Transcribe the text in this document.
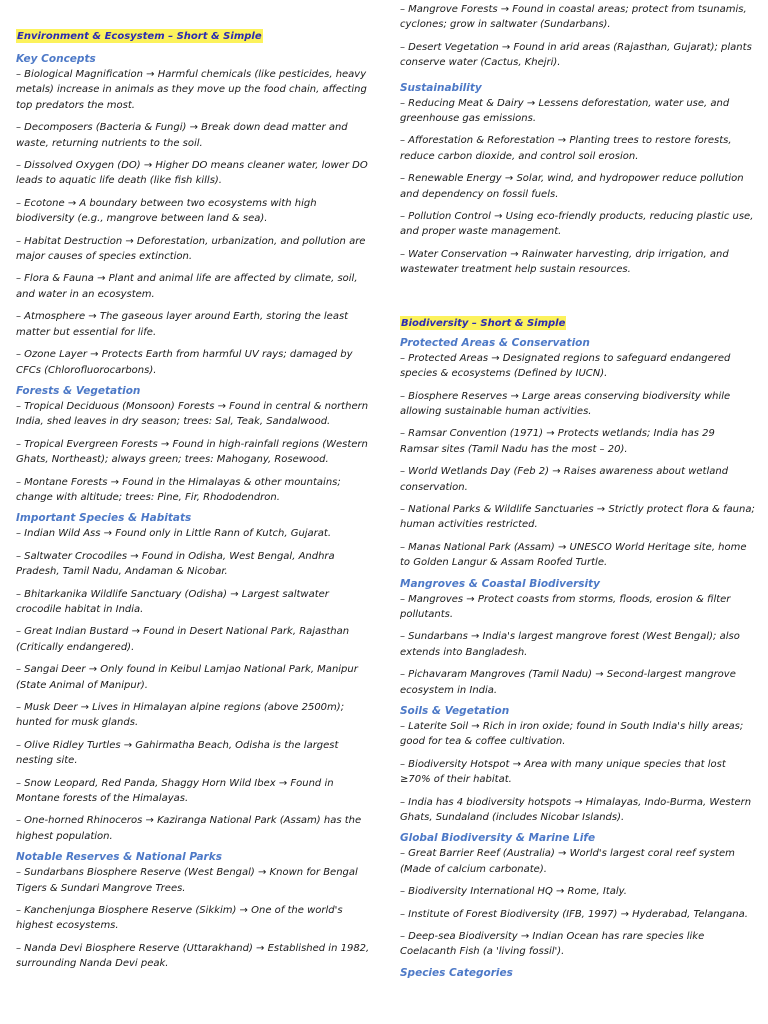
Environment & Ecosystem – Short & Simple

Key Concepts

– Biological Magnification → Harmful chemicals (like pesticides, heavy metals) increase in animals as they move up the food chain, affecting top predators the most.

– Decomposers (Bacteria & Fungi) → Break down dead matter and waste, returning nutrients to the soil.

– Dissolved Oxygen (DO) → Higher DO means cleaner water, lower DO leads to aquatic life death (like fish kills).

– Ecotone → A boundary between two ecosystems with high biodiversity (e.g., mangrove between land & sea).

– Habitat Destruction → Deforestation, urbanization, and pollution are major causes of species extinction.

– Flora & Fauna → Plant and animal life are affected by climate, soil, and water in an ecosystem.

– Atmosphere → The gaseous layer around Earth, storing the least matter but essential for life.

– Ozone Layer → Protects Earth from harmful UV rays; damaged by CFCs (Chlorofluorocarbons).

Forests & Vegetation

– Tropical Deciduous (Monsoon) Forests → Found in central & northern India, shed leaves in dry season; trees: Sal, Teak, Sandalwood.

– Tropical Evergreen Forests → Found in high-rainfall regions (Western Ghats, Northeast); always green; trees: Mahogany, Rosewood.

– Montane Forests → Found in the Himalayas & other mountains; change with altitude; trees: Pine, Fir, Rhododendron.

Important Species & Habitats

– Indian Wild Ass → Found only in Little Rann of Kutch, Gujarat.

– Saltwater Crocodiles → Found in Odisha, West Bengal, Andhra Pradesh, Tamil Nadu, Andaman & Nicobar.

– Bhitarkanika Wildlife Sanctuary (Odisha) → Largest saltwater crocodile habitat in India.

– Great Indian Bustard → Found in Desert National Park, Rajasthan (Critically endangered).

– Sangai Deer → Only found in Keibul Lamjao National Park, Manipur (State Animal of Manipur).

– Musk Deer → Lives in Himalayan alpine regions (above 2500m); hunted for musk glands.

– Olive Ridley Turtles → Gahirmatha Beach, Odisha is the largest nesting site.

– Snow Leopard, Red Panda, Shaggy Horn Wild Ibex → Found in Montane forests of the Himalayas.

– One-horned Rhinoceros → Kaziranga National Park (Assam) has the highest population.

Notable Reserves & National Parks

– Sundarbans Biosphere Reserve (West Bengal) → Known for Bengal Tigers & Sundari Mangrove Trees.

– Kanchenjunga Biosphere Reserve (Sikkim) → One of the world's highest ecosystems.

– Nanda Devi Biosphere Reserve (Uttarakhand) → Established in 1982, surrounding Nanda Devi peak.

– Mangrove Forests → Found in coastal areas; protect from tsunamis, cyclones; grow in saltwater (Sundarbans).

– Desert Vegetation → Found in arid areas (Rajasthan, Gujarat); plants conserve water (Cactus, Khejri).

Sustainability

– Reducing Meat & Dairy → Lessens deforestation, water use, and greenhouse gas emissions.

– Afforestation & Reforestation → Planting trees to restore forests, reduce carbon dioxide, and control soil erosion.

– Renewable Energy → Solar, wind, and hydropower reduce pollution and dependency on fossil fuels.

– Pollution Control → Using eco-friendly products, reducing plastic use, and proper waste management.

– Water Conservation → Rainwater harvesting, drip irrigation, and wastewater treatment help sustain resources.

Biodiversity – Short & Simple

Protected Areas & Conservation

– Protected Areas → Designated regions to safeguard endangered species & ecosystems (Defined by IUCN).

– Biosphere Reserves → Large areas conserving biodiversity while allowing sustainable human activities.

– Ramsar Convention (1971) → Protects wetlands; India has 29 Ramsar sites (Tamil Nadu has the most – 20).

– World Wetlands Day (Feb 2) → Raises awareness about wetland conservation.

– National Parks & Wildlife Sanctuaries → Strictly protect flora & fauna; human activities restricted.

– Manas National Park (Assam) → UNESCO World Heritage site, home to Golden Langur & Assam Roofed Turtle.

Mangroves & Coastal Biodiversity

– Mangroves → Protect coasts from storms, floods, erosion & filter pollutants.

– Sundarbans → India's largest mangrove forest (West Bengal); also extends into Bangladesh.

– Pichavaram Mangroves (Tamil Nadu) → Second-largest mangrove ecosystem in India.

Soils & Vegetation

– Laterite Soil → Rich in iron oxide; found in South India's hilly areas; good for tea & coffee cultivation.

– Biodiversity Hotspot → Area with many unique species that lost ≥70% of their habitat.

– India has 4 biodiversity hotspots → Himalayas, Indo-Burma, Western Ghats, Sundaland (includes Nicobar Islands).

Global Biodiversity & Marine Life

– Great Barrier Reef (Australia) → World's largest coral reef system (Made of calcium carbonate).

– Biodiversity International HQ → Rome, Italy.

– Institute of Forest Biodiversity (IFB, 1997) → Hyderabad, Telangana.

– Deep-sea Biodiversity → Indian Ocean has rare species like Coelacanth Fish (a 'living fossil').

Species Categories
